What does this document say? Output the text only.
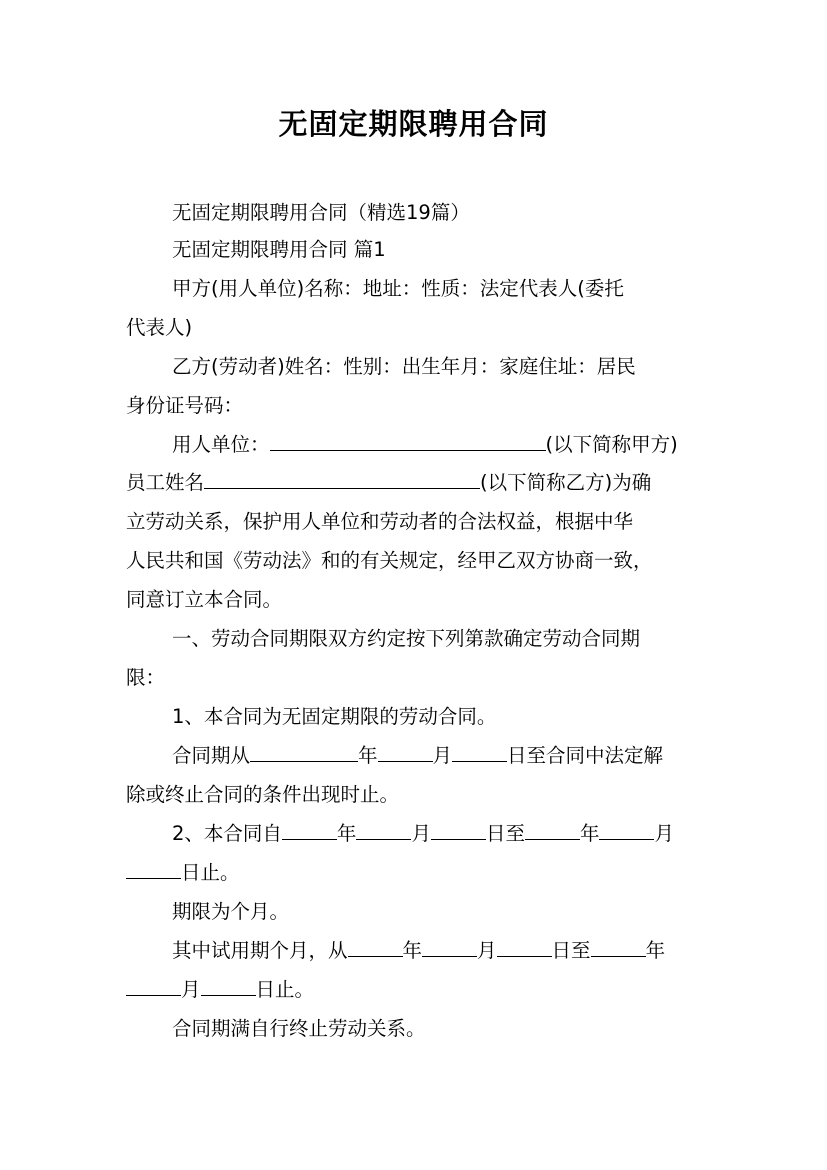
无固定期限聘用合同
无固定期限聘用合同（精选19篇）
无固定期限聘用合同 篇1
甲方(用人单位)名称：地址：性质：法定代表人(委托
代表人)
乙方(劳动者)姓名：性别：出生年月：家庭住址：居民
身份证号码：
用人单位：	(以下简称甲方)
员工姓名	(以下简称乙方)为确
立劳动关系，保护用人单位和劳动者的合法权益，根据中华
人民共和国《劳动法》和的有关规定，经甲乙双方协商一致，
同意订立本合同。
一、劳动合同期限双方约定按下列第款确定劳动合同期
限：
1、本合同为无固定期限的劳动合同。
合同期从	年	月	日至合同中法定解
除或终止合同的条件出现时止。
2、本合同自	年	月	日至	年	月
日止。
期限为个月。
其中试用期个月，从	年	月	日至	年
月	日止。
合同期满自行终止劳动关系。
